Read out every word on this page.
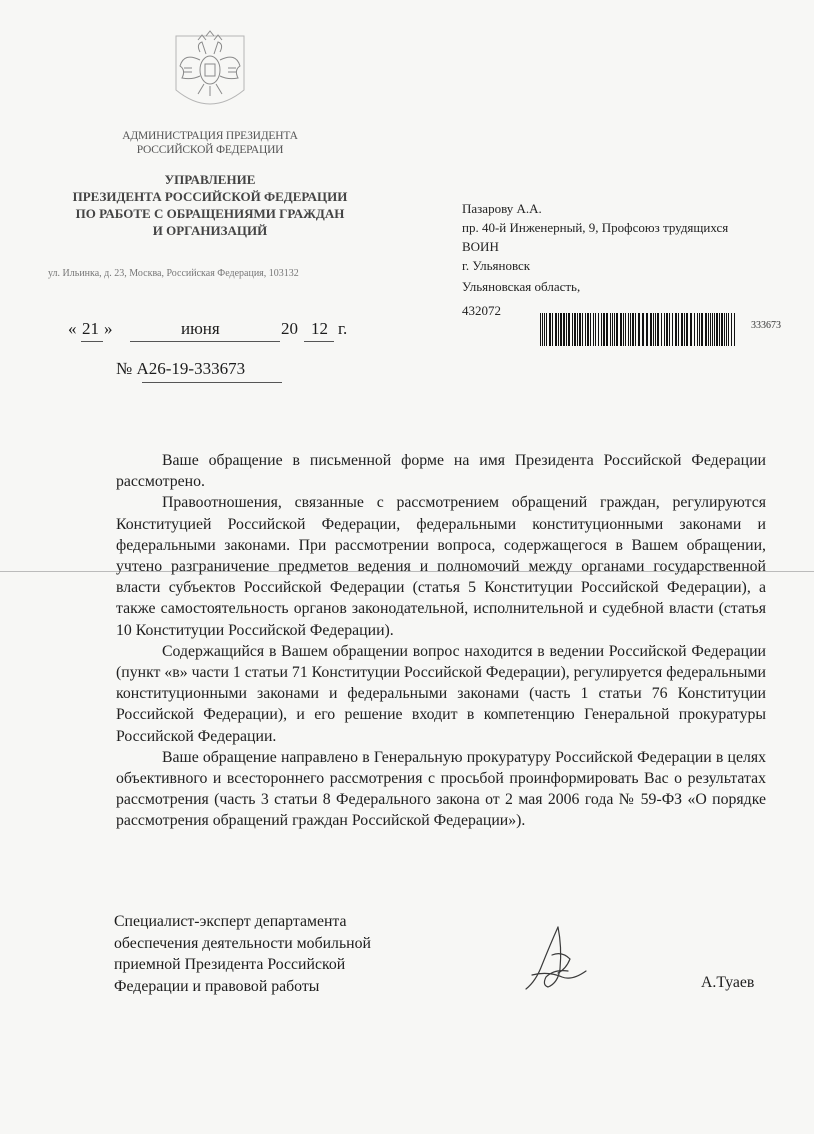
АДМИНИСТРАЦИЯ ПРЕЗИДЕНТА
РОССИЙСКОЙ ФЕДЕРАЦИИ
УПРАВЛЕНИЕ
ПРЕЗИДЕНТА РОССИЙСКОЙ ФЕДЕРАЦИИ
ПО РАБОТЕ С ОБРАЩЕНИЯМИ ГРАЖДАН
И ОРГАНИЗАЦИЙ
ул. Ильинка, д. 23, Москва, Российская Федерация, 103132
« 21 »	июня	20 12 г.
№ А26-19-333673
Пазарову А.А.
пр. 40-й Инженерный, 9, Профсоюз трудящихся
ВОИН
г. Ульяновск
Ульяновская область,
432072
333673

Ваше обращение в письменной форме на имя Президента Российской Федерации рассмотрено.

Правоотношения, связанные с рассмотрением обращений граждан, регулируются Конституцией Российской Федерации, федеральными конституционными законами и федеральными законами. При рассмотрении вопроса, содержащегося в Вашем обращении, учтено разграничение предметов ведения и полномочий между органами государственной власти субъектов Российской Федерации (статья 5 Конституции Российской Федерации), а также самостоятельность органов законодательной, исполнительной и судебной власти (статья 10 Конституции Российской Федерации).

Содержащийся в Вашем обращении вопрос находится в ведении Российской Федерации (пункт «в» части 1 статьи 71 Конституции Российской Федерации), регулируется федеральными конституционными законами и федеральными законами (часть 1 статьи 76 Конституции Российской Федерации), и его решение входит в компетенцию Генеральной прокуратуры Российской Федерации.

Ваше обращение направлено в Генеральную прокуратуру Российской Федерации в целях объективного и всестороннего рассмотрения с просьбой проинформировать Вас о результатах рассмотрения (часть 3 статьи 8 Федерального закона от 2 мая 2006 года № 59-ФЗ «О порядке рассмотрения обращений граждан Российской Федерации»).

Специалист-эксперт департамента
обеспечения деятельности мобильной
приемной Президента Российской
Федерации и правовой работы	А.Туаев
